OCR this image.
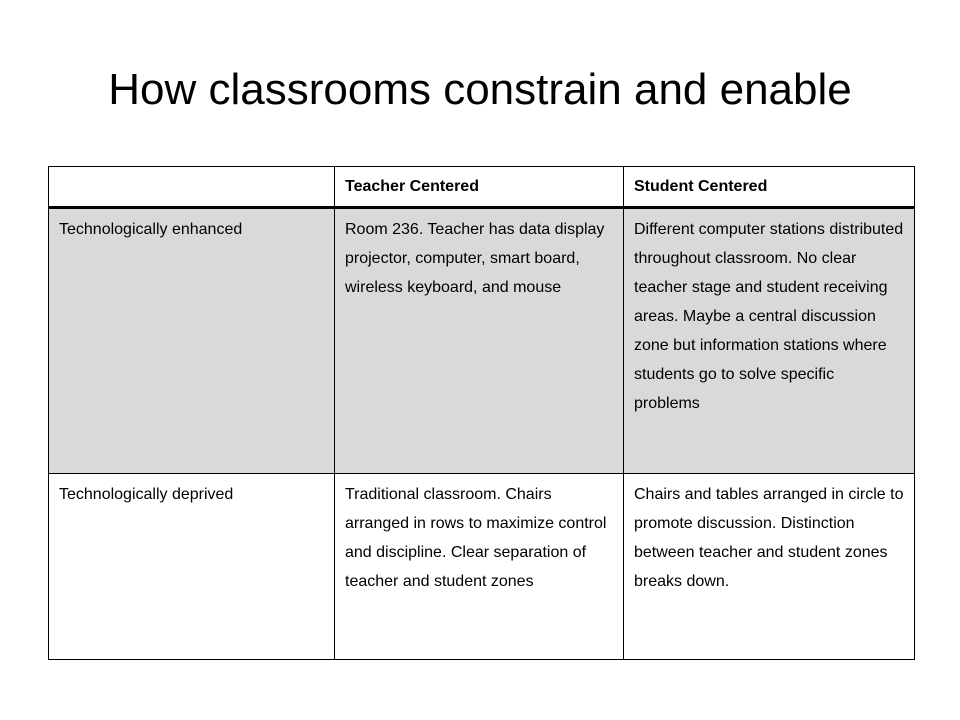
How classrooms constrain and enable
	Teacher Centered	Student Centered
Technologically enhanced	Room 236. Teacher has data display projector, computer, smart board, wireless keyboard, and mouse	Different computer stations distributed throughout classroom. No clear teacher stage and student receiving areas. Maybe a central discussion zone but information stations where students go to solve specific problems
Technologically deprived	Traditional classroom. Chairs arranged in rows to maximize control and discipline. Clear separation of teacher and student zones	Chairs and tables arranged in circle to promote discussion. Distinction between teacher and student zones breaks down.
